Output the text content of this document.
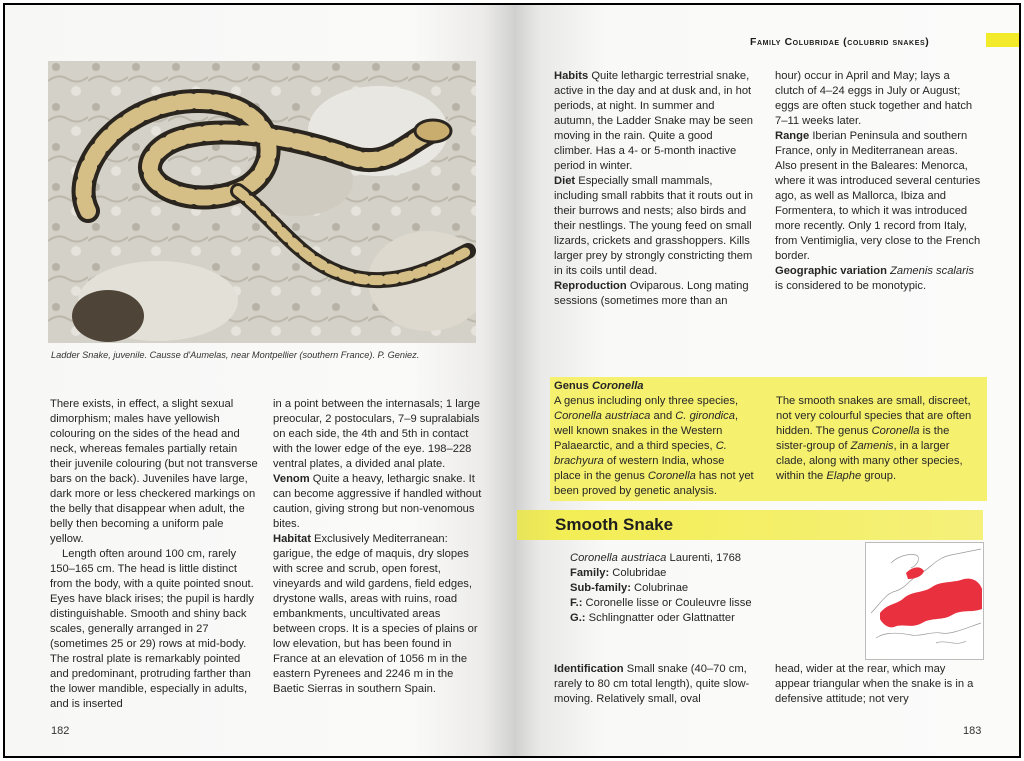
Ladder Snake, juvenile. Causse d'Aumelas, near Montpellier (southern France). P. Geniez.

There exists, in effect, a slight sexual dimorphism; males have yellowish colouring on the sides of the head and neck, whereas females partially retain their juvenile colouring (but not transverse bars on the back). Juveniles have large, dark more or less checkered markings on the belly that disappear when adult, the belly then becoming a uniform pale yellow.

Length often around 100 cm, rarely 150–165 cm. The head is little distinct from the body, with a quite pointed snout. Eyes have black irises; the pupil is hardly distinguishable. Smooth and shiny back scales, generally arranged in 27 (sometimes 25 or 29) rows at mid-body. The rostral plate is remarkably pointed and predominant, protruding farther than the lower mandible, especially in adults, and is inserted

in a point between the internasals; 1 large preocular, 2 postoculars, 7–9 supralabials on each side, the 4th and 5th in contact with the lower edge of the eye. 198–228 ventral plates, a divided anal plate.

Venom Quite a heavy, lethargic snake. It can become aggressive if handled without caution, giving strong but non-venomous bites.

Habitat Exclusively Mediterranean: garigue, the edge of maquis, dry slopes with scree and scrub, open forest, vineyards and wild gardens, field edges, drystone walls, areas with ruins, road embankments, uncultivated areas between crops. It is a species of plains or low elevation, but has been found in France at an elevation of 1056 m in the eastern Pyrenees and 2246 m in the Baetic Sierras in southern Spain.

182
Family Colubridae (colubrid snakes)

Habits Quite lethargic terrestrial snake, active in the day and at dusk and, in hot periods, at night. In summer and autumn, the Ladder Snake may be seen moving in the rain. Quite a good climber. Has a 4- or 5-month inactive period in winter.

Diet Especially small mammals, including small rabbits that it routs out in their burrows and nests; also birds and their nestlings. The young feed on small lizards, crickets and grasshoppers. Kills larger prey by strongly constricting them in its coils until dead.

Reproduction Oviparous. Long mating sessions (sometimes more than an

hour) occur in April and May; lays a clutch of 4–24 eggs in July or August; eggs are often stuck together and hatch 7–11 weeks later.

Range Iberian Peninsula and southern France, only in Mediterranean areas. Also present in the Baleares: Menorca, where it was introduced several centuries ago, as well as Mallorca, Ibiza and Formentera, to which it was introduced more recently. Only 1 record from Italy, from Ventimiglia, very close to the French border.

Geographic variation Zamenis scalaris is considered to be monotypic.

Genus Coronella

A genus including only three species, Coronella austriaca and C. girondica, well known snakes in the Western Palaearctic, and a third species, C. brachyura of western India, whose place in the genus Coronella has not yet been proved by genetic analysis.

The smooth snakes are small, discreet, not very colourful species that are often hidden. The genus Coronella is the sister-group of Zamenis, in a larger clade, along with many other species, within the Elaphe group.

Smooth Snake
Coronella austriaca Laurenti, 1768
Family: Colubridae
Sub-family: Colubrinae
F.: Coronelle lisse or Couleuvre lisse
G.: Schlingnatter oder Glattnatter

Identification Small snake (40–70 cm, rarely to 80 cm total length), quite slow-moving. Relatively small, oval

head, wider at the rear, which may appear triangular when the snake is in a defensive attitude; not very

183
